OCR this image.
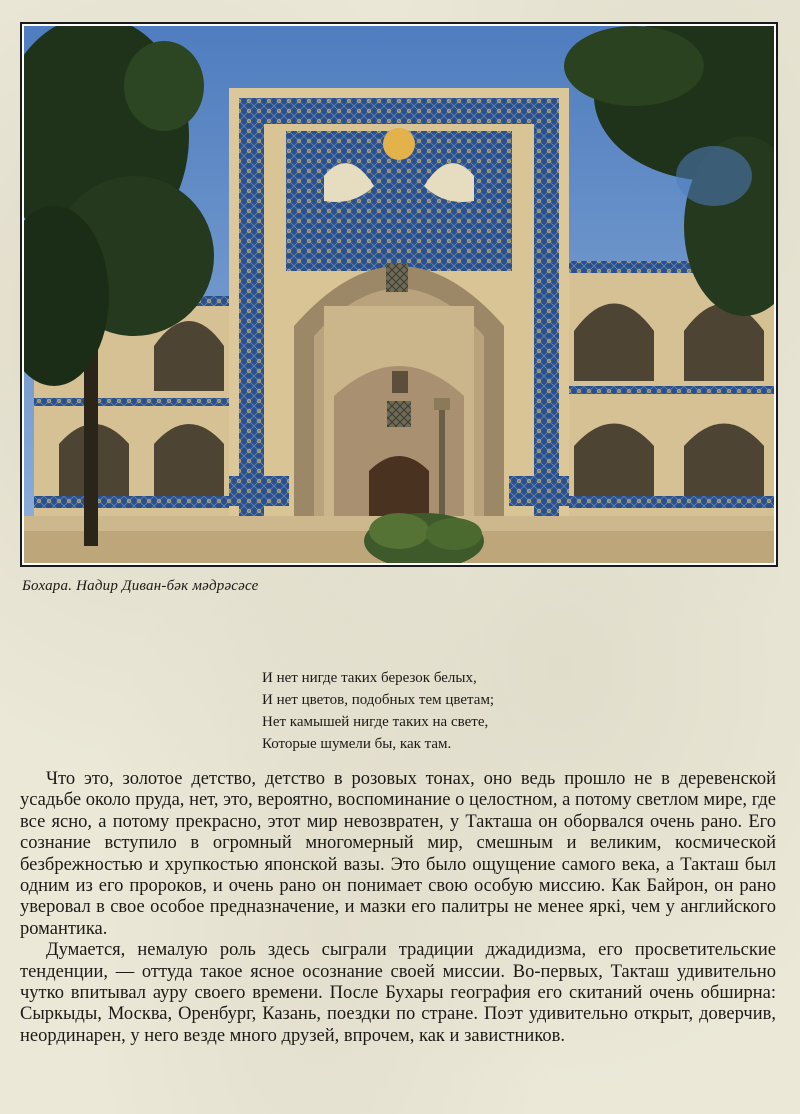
Бохара. Надир Диван-бәк мәдрәсәсе
И нет нигде таких березок белых,
И нет цветов, подобных тем цветам;
Нет камышей нигде таких на свете,
Которые шумели бы, как там.

Что это, золотое детство, детство в розовых тонах, оно ведь прошло не в деревенской усадьбе около пруда, нет, это, вероятно, воспоминание о целостном, а потому светлом мире, где все ясно, а потому прекрасно, этот мир невозвратен, у Такташа он оборвался очень рано. Его сознание вступило в огромный многомерный мир, смешным и великим, космической безбрежностью и хрупкостью японской вазы. Это было ощущение самого века, а Такташ был одним из его пророков, и очень рано он понимает свою особую миссию. Как Байрон, он рано уверовал в свое особое предназначение, и мазки его палитры не менее яркі, чем у английского романтика.

Думается, немалую роль здесь сыграли традиции джадидизма, его просветительские тенденции, — оттуда такое ясное осознание своей миссии. Во-первых, Такташ удивительно чутко впитывал ауру своего времени. После Бухары география его скитаний очень обширна: Сыркыды, Москва, Оренбург, Казань, поездки по стране. Поэт удивительно открыт, доверчив, неординарен, у него везде много друзей, впрочем, как и завистников.
